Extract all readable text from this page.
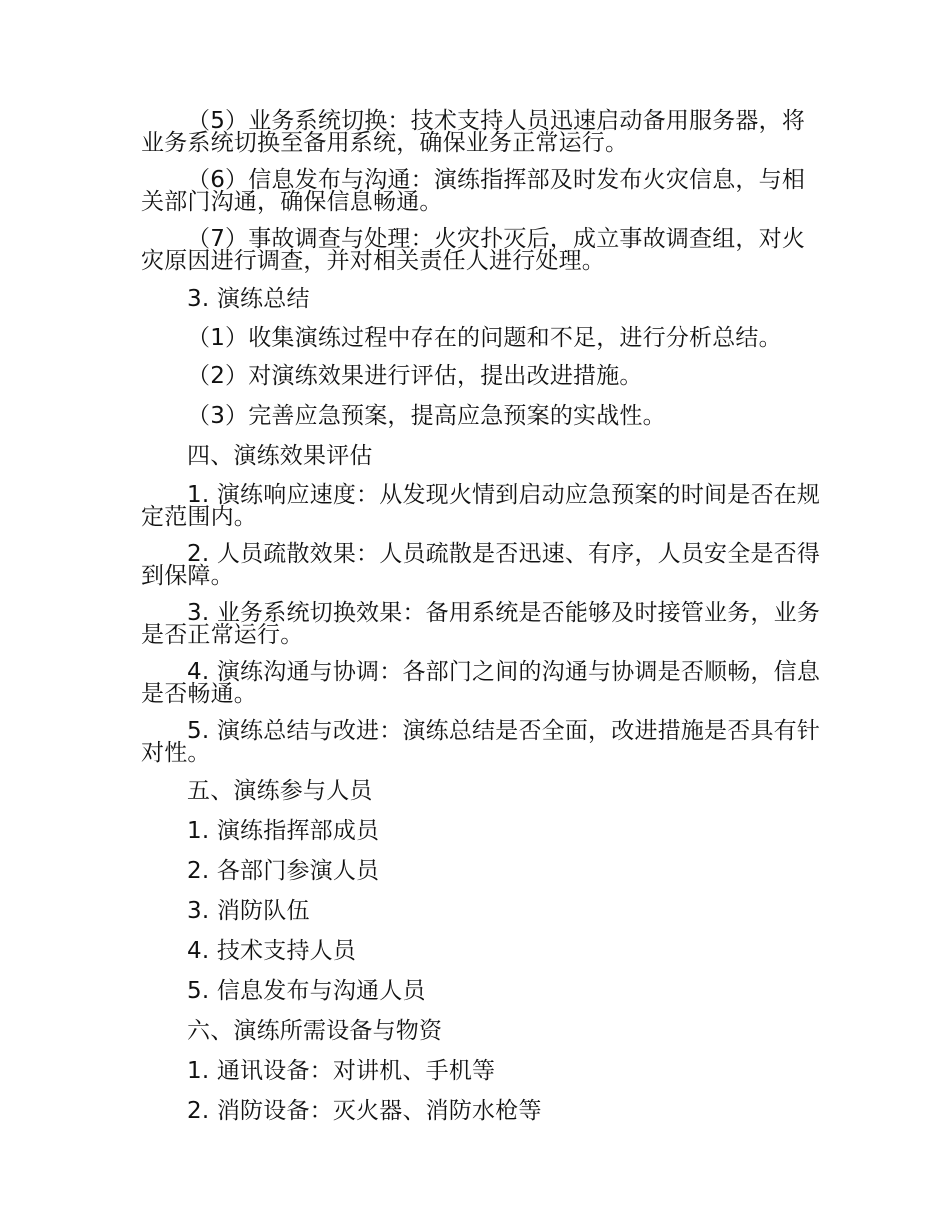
（5）业务系统切换：技术支持人员迅速启动备用服务器，将业务系统切换至备用系统，确保业务正常运行。

（6）信息发布与沟通：演练指挥部及时发布火灾信息，与相关部门沟通，确保信息畅通。

（7）事故调查与处理：火灾扑灭后，成立事故调查组，对火灾原因进行调查，并对相关责任人进行处理。

3. 演练总结

（1）收集演练过程中存在的问题和不足，进行分析总结。

（2）对演练效果进行评估，提出改进措施。

（3）完善应急预案，提高应急预案的实战性。

四、演练效果评估

1. 演练响应速度：从发现火情到启动应急预案的时间是否在规定范围内。

2. 人员疏散效果：人员疏散是否迅速、有序，人员安全是否得到保障。

3. 业务系统切换效果：备用系统是否能够及时接管业务，业务是否正常运行。

4. 演练沟通与协调：各部门之间的沟通与协调是否顺畅，信息是否畅通。

5. 演练总结与改进：演练总结是否全面，改进措施是否具有针对性。

五、演练参与人员

1. 演练指挥部成员

2. 各部门参演人员

3. 消防队伍

4. 技术支持人员

5. 信息发布与沟通人员

六、演练所需设备与物资

1. 通讯设备：对讲机、手机等

2. 消防设备：灭火器、消防水枪等
